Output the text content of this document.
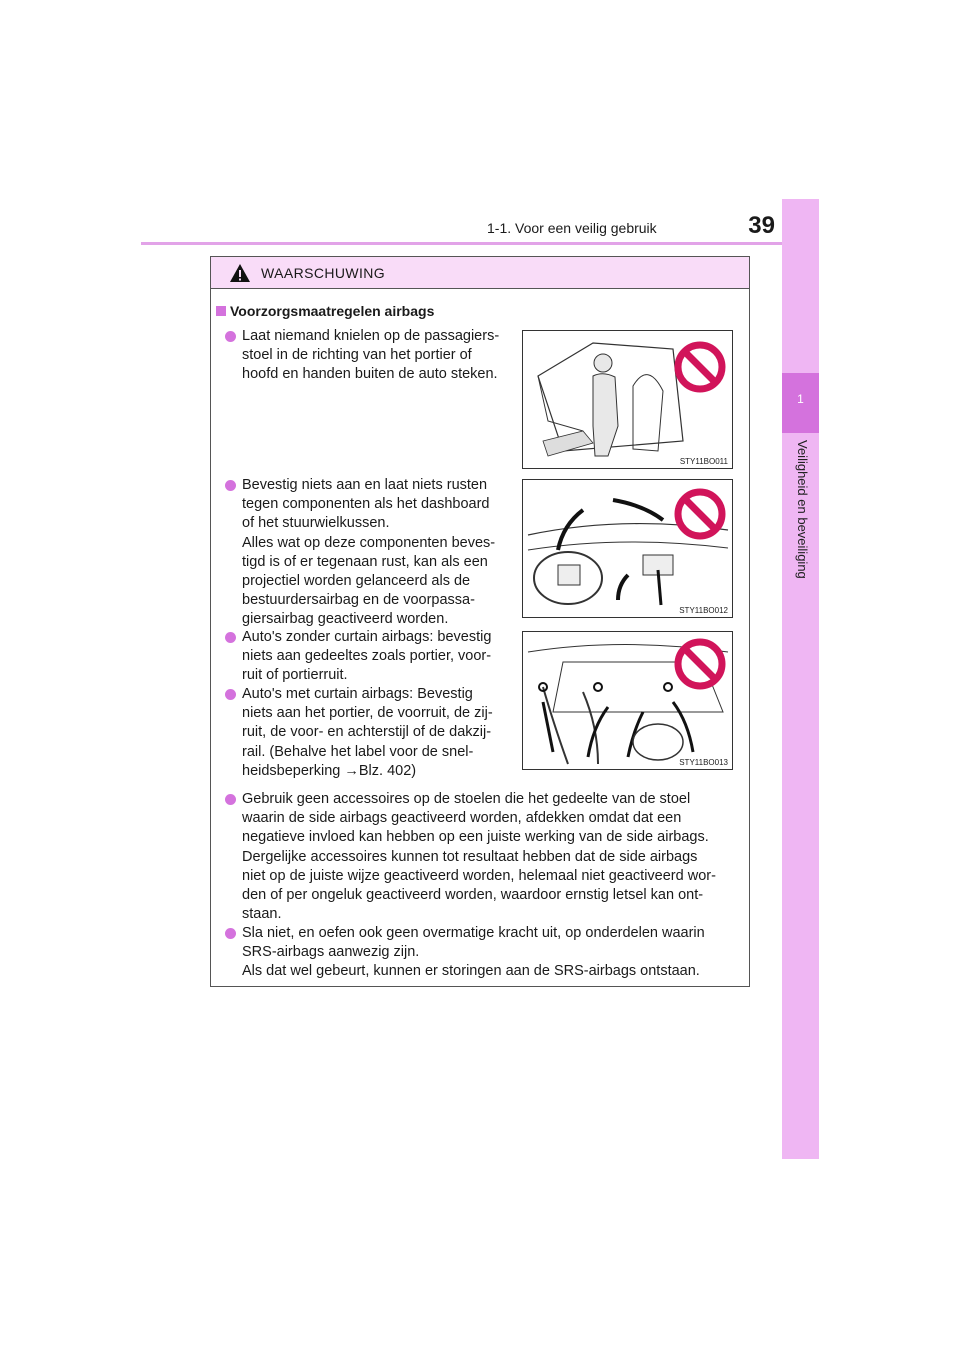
1-1. Voor een veilig gebruik	39
1
Veiligheid en beveiliging
WAARSCHUWING
Voorzorgsmaatregelen airbags
Laat niemand knielen op de passagiers-
stoel in de richting van het portier of
hoofd en handen buiten de auto steken.
Bevestig niets aan en laat niets rusten
tegen componenten als het dashboard
of het stuurwielkussen.
Alles wat op deze componenten beves-
tigd is of er tegenaan rust, kan als een
projectiel worden gelanceerd als de
bestuurdersairbag en de voorpassa-
giersairbag geactiveerd worden.
Auto's zonder curtain airbags: bevestig
niets aan gedeeltes zoals portier, voor-
ruit of portierruit.
Auto's met curtain airbags: Bevestig
niets aan het portier, de voorruit, de zij-
ruit, de voor- en achterstijl of de dakzij-
rail. (Behalve het label voor de snel-
heidsbeperking →Blz. 402)
Gebruik geen accessoires op de stoelen die het gedeelte van de stoel
waarin de side airbags geactiveerd worden, afdekken omdat dat een
negatieve invloed kan hebben op een juiste werking van de side airbags.
Dergelijke accessoires kunnen tot resultaat hebben dat de side airbags
niet op de juiste wijze geactiveerd worden, helemaal niet geactiveerd wor-
den of per ongeluk geactiveerd worden, waardoor ernstig letsel kan ont-
staan.
Sla niet, en oefen ook geen overmatige kracht uit, op onderdelen waarin
SRS-airbags aanwezig zijn.
Als dat wel gebeurt, kunnen er storingen aan de SRS-airbags ontstaan.
STY11BO011
STY11BO012
STY11BO013
